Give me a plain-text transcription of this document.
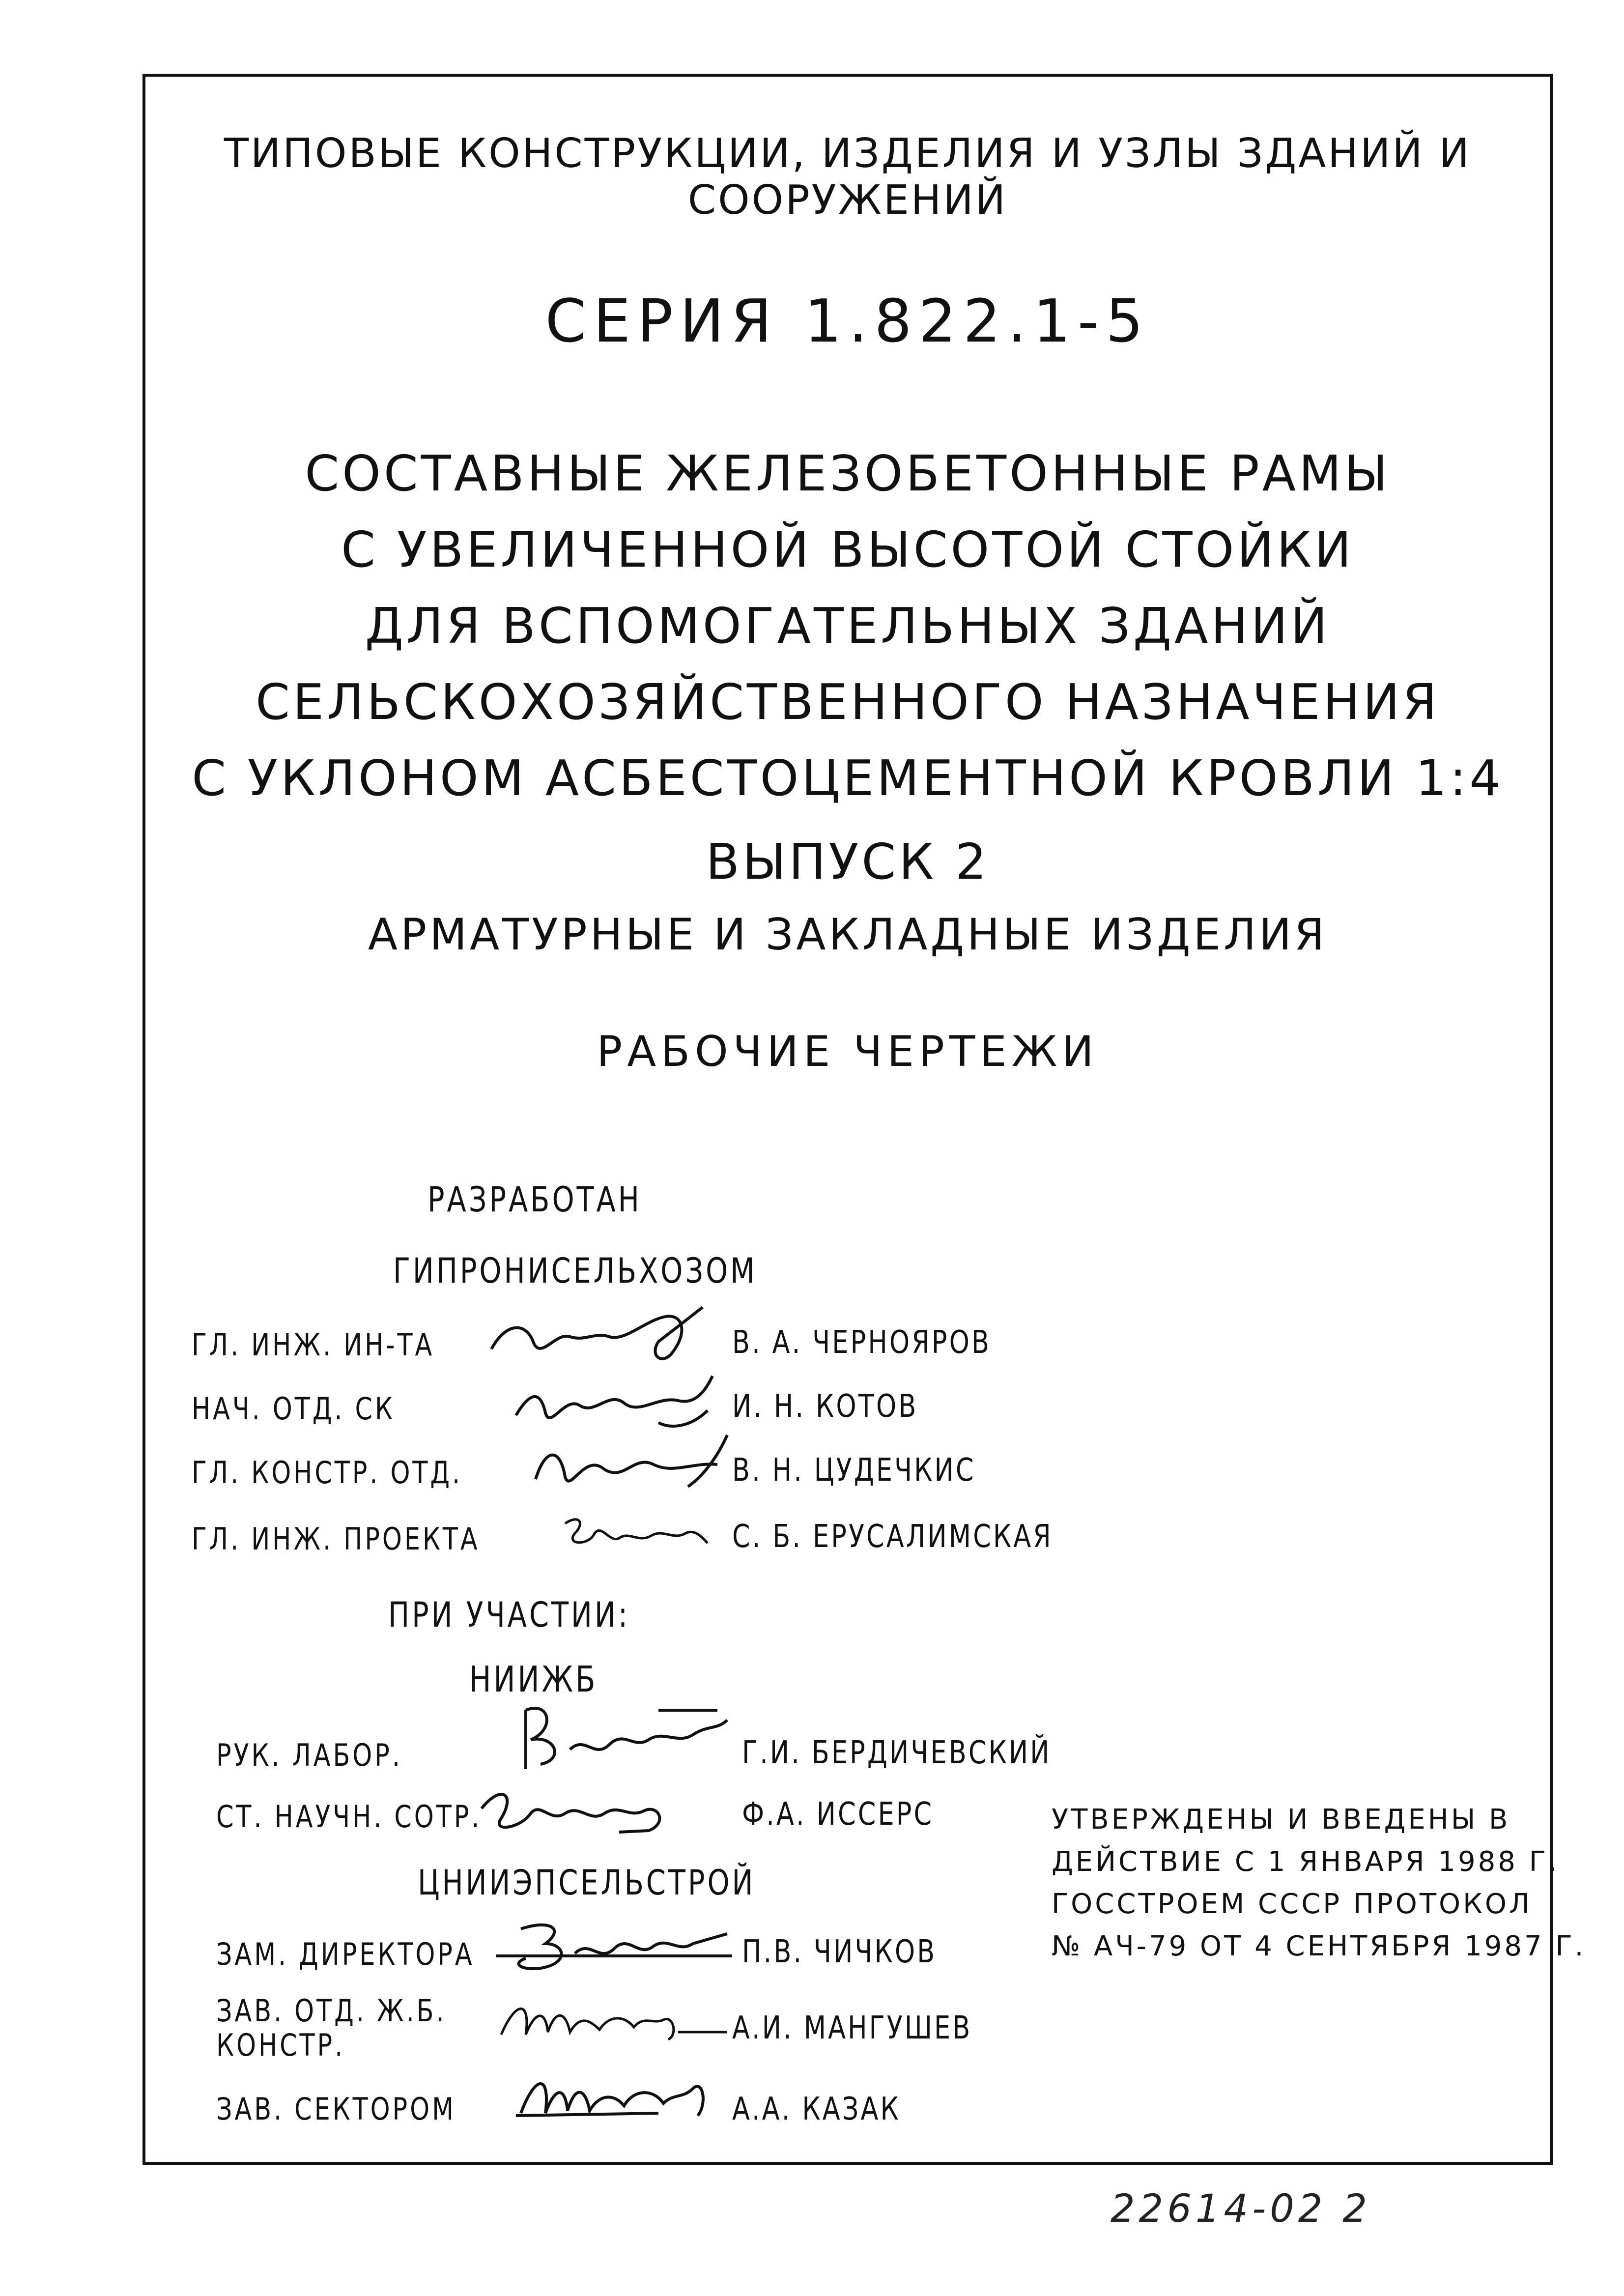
ТИПОВЫЕ КОНСТРУКЦИИ, ИЗДЕЛИЯ И УЗЛЫ ЗДАНИЙ И СООРУЖЕНИЙ
СЕРИЯ 1.822.1-5
СОСТАВНЫЕ ЖЕЛЕЗОБЕТОННЫЕ РАМЫ
С УВЕЛИЧЕННОЙ ВЫСОТОЙ СТОЙКИ
ДЛЯ ВСПОМОГАТЕЛЬНЫХ ЗДАНИЙ
СЕЛЬСКОХОЗЯЙСТВЕННОГО НАЗНАЧЕНИЯ
С УКЛОНОМ АСБЕСТОЦЕМЕНТНОЙ КРОВЛИ 1:4
ВЫПУСК 2
АРМАТУРНЫЕ И ЗАКЛАДНЫЕ ИЗДЕЛИЯ
РАБОЧИЕ ЧЕРТЕЖИ
РАЗРАБОТАН
ГИПРОНИСЕЛЬХОЗОМ
ГЛ. ИНЖ. ИН-ТА	В. А. ЧЕРНОЯРОВ
НАЧ. ОТД. СК	И. Н. КОТОВ
ГЛ. КОНСТР. ОТД.	В. Н. ЦУДЕЧКИС
ГЛ. ИНЖ. ПРОЕКТА	С. Б. ЕРУСАЛИМСКАЯ
ПРИ УЧАСТИИ:
НИИЖБ
РУК. ЛАБОР.	Г.И. БЕРДИЧЕВСКИЙ
СТ. НАУЧН. СОТР.	Ф.А. ИССЕРС
ЦНИИЭПСЕЛЬСТРОЙ
ЗАМ. ДИРЕКТОРА	П.В. ЧИЧКОВ
ЗАВ. ОТД. Ж.Б.
КОНСТР.	А.И. МАНГУШЕВ
ЗАВ. СЕКТОРОМ	А.А. КАЗАК
УТВЕРЖДЕНЫ И ВВЕДЕНЫ В
ДЕЙСТВИЕ С 1 ЯНВАРЯ 1988 Г.
ГОССТРОЕМ СССР ПРОТОКОЛ
№ АЧ-79 ОТ 4 СЕНТЯБРЯ 1987 Г.
22614-02 2
